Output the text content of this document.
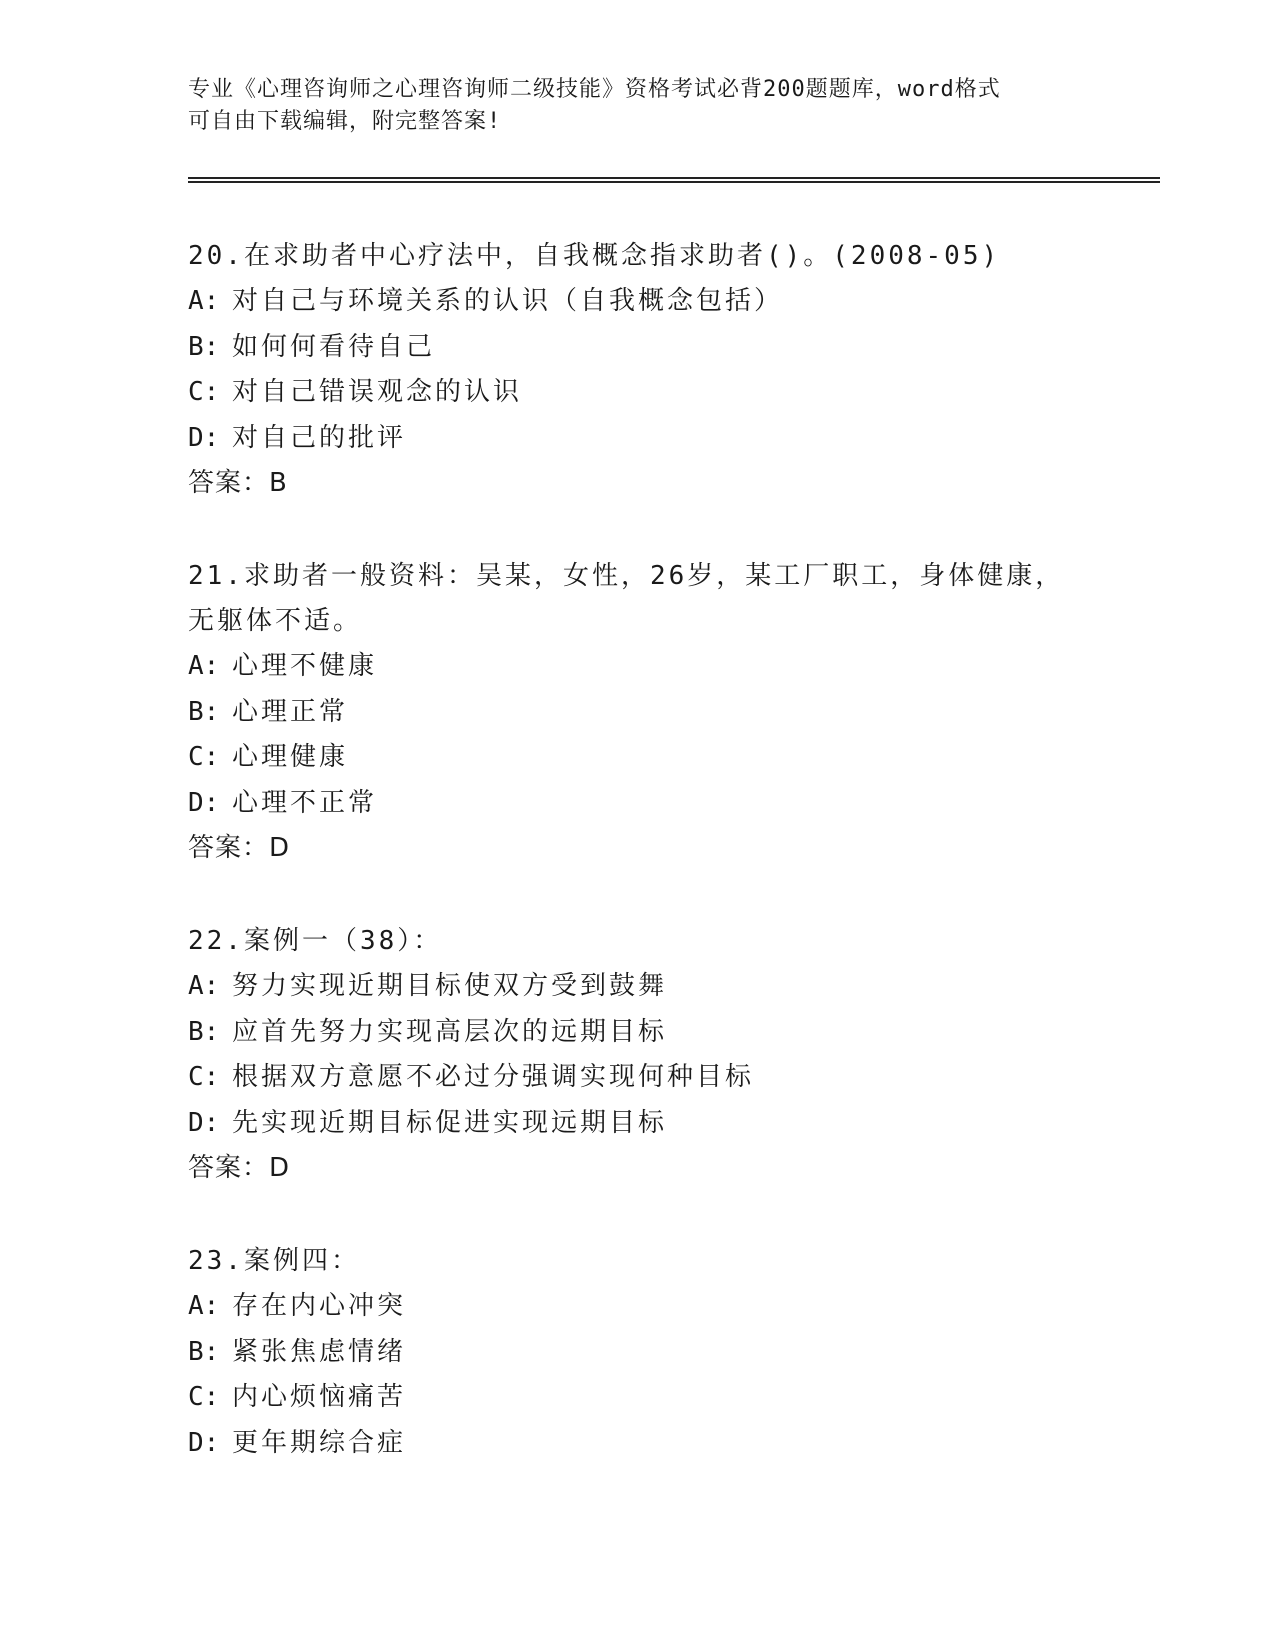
专业《心理咨询师之心理咨询师二级技能》资格考试必背200题题库，word格式
可自由下载编辑，附完整答案!

20.在求助者中心疗法中，自我概念指求助者()。(2008-05)

A: 对自己与环境关系的认识（自我概念包括）
B: 如何何看待自己
C: 对自己错误观念的认识
D: 对自己的批评
答案：B

21.求助者一般资料：吴某，女性，26岁，某工厂职工，身体健康，无躯体不适。

A: 心理不健康
B: 心理正常
C: 心理健康
D: 心理不正常
答案：D

22.案例一（38）：

A: 努力实现近期目标使双方受到鼓舞
B: 应首先努力实现高层次的远期目标
C: 根据双方意愿不必过分强调实现何种目标
D: 先实现近期目标促进实现远期目标
答案：D

23.案例四：

A: 存在内心冲突
B: 紧张焦虑情绪
C: 内心烦恼痛苦
D: 更年期综合症
